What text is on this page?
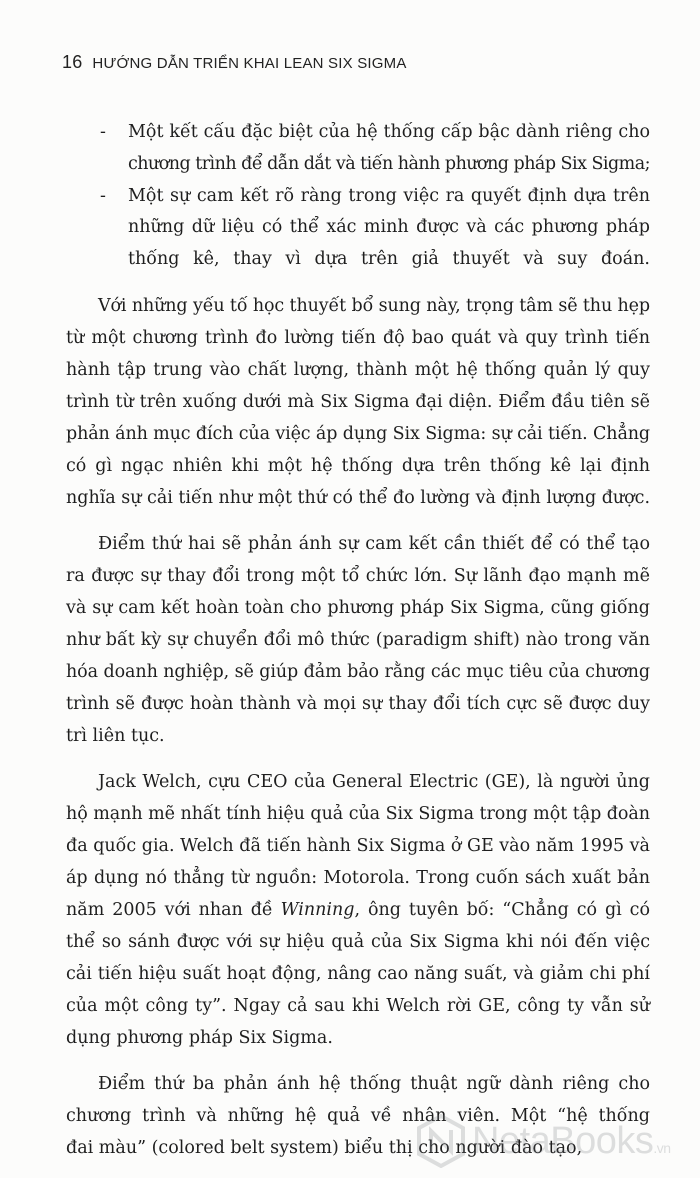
16 HƯỚNG DẪN TRIỂN KHAI LEAN SIX SIGMA
- Một kết cấu đặc biệt của hệ thống cấp bậc dành riêng cho
chương trình để dẫn dắt và tiến hành phương pháp Six Sigma;
- Một sự cam kết rõ ràng trong việc ra quyết định dựa trên
những dữ liệu có thể xác minh được và các phương pháp
thống kê, thay vì dựa trên giả thuyết và suy đoán.
Với những yếu tố học thuyết bổ sung này, trọng tâm sẽ thu hẹp
từ một chương trình đo lường tiến độ bao quát và quy trình tiến
hành tập trung vào chất lượng, thành một hệ thống quản lý quy
trình từ trên xuống dưới mà Six Sigma đại diện. Điểm đầu tiên sẽ
phản ánh mục đích của việc áp dụng Six Sigma: sự cải tiến. Chẳng
có gì ngạc nhiên khi một hệ thống dựa trên thống kê lại định
nghĩa sự cải tiến như một thứ có thể đo lường và định lượng được.
Điểm thứ hai sẽ phản ánh sự cam kết cần thiết để có thể tạo
ra được sự thay đổi trong một tổ chức lớn. Sự lãnh đạo mạnh mẽ
và sự cam kết hoàn toàn cho phương pháp Six Sigma, cũng giống
như bất kỳ sự chuyển đổi mô thức (paradigm shift) nào trong văn
hóa doanh nghiệp, sẽ giúp đảm bảo rằng các mục tiêu của chương
trình sẽ được hoàn thành và mọi sự thay đổi tích cực sẽ được duy
trì liên tục.
Jack Welch, cựu CEO của General Electric (GE), là người ủng
hộ mạnh mẽ nhất tính hiệu quả của Six Sigma trong một tập đoàn
đa quốc gia. Welch đã tiến hành Six Sigma ở GE vào năm 1995 và
áp dụng nó thẳng từ nguồn: Motorola. Trong cuốn sách xuất bản
năm 2005 với nhan đề Winning, ông tuyên bố: “Chẳng có gì có
thể so sánh được với sự hiệu quả của Six Sigma khi nói đến việc
cải tiến hiệu suất hoạt động, nâng cao năng suất, và giảm chi phí
của một công ty”. Ngay cả sau khi Welch rời GE, công ty vẫn sử
dụng phương pháp Six Sigma.
Điểm thứ ba phản ánh hệ thống thuật ngữ dành riêng cho
chương trình và những hệ quả về nhân viên. Một “hệ thống
đai màu” (colored belt system) biểu thị cho người đào tạo,
NetaBooks.vn
